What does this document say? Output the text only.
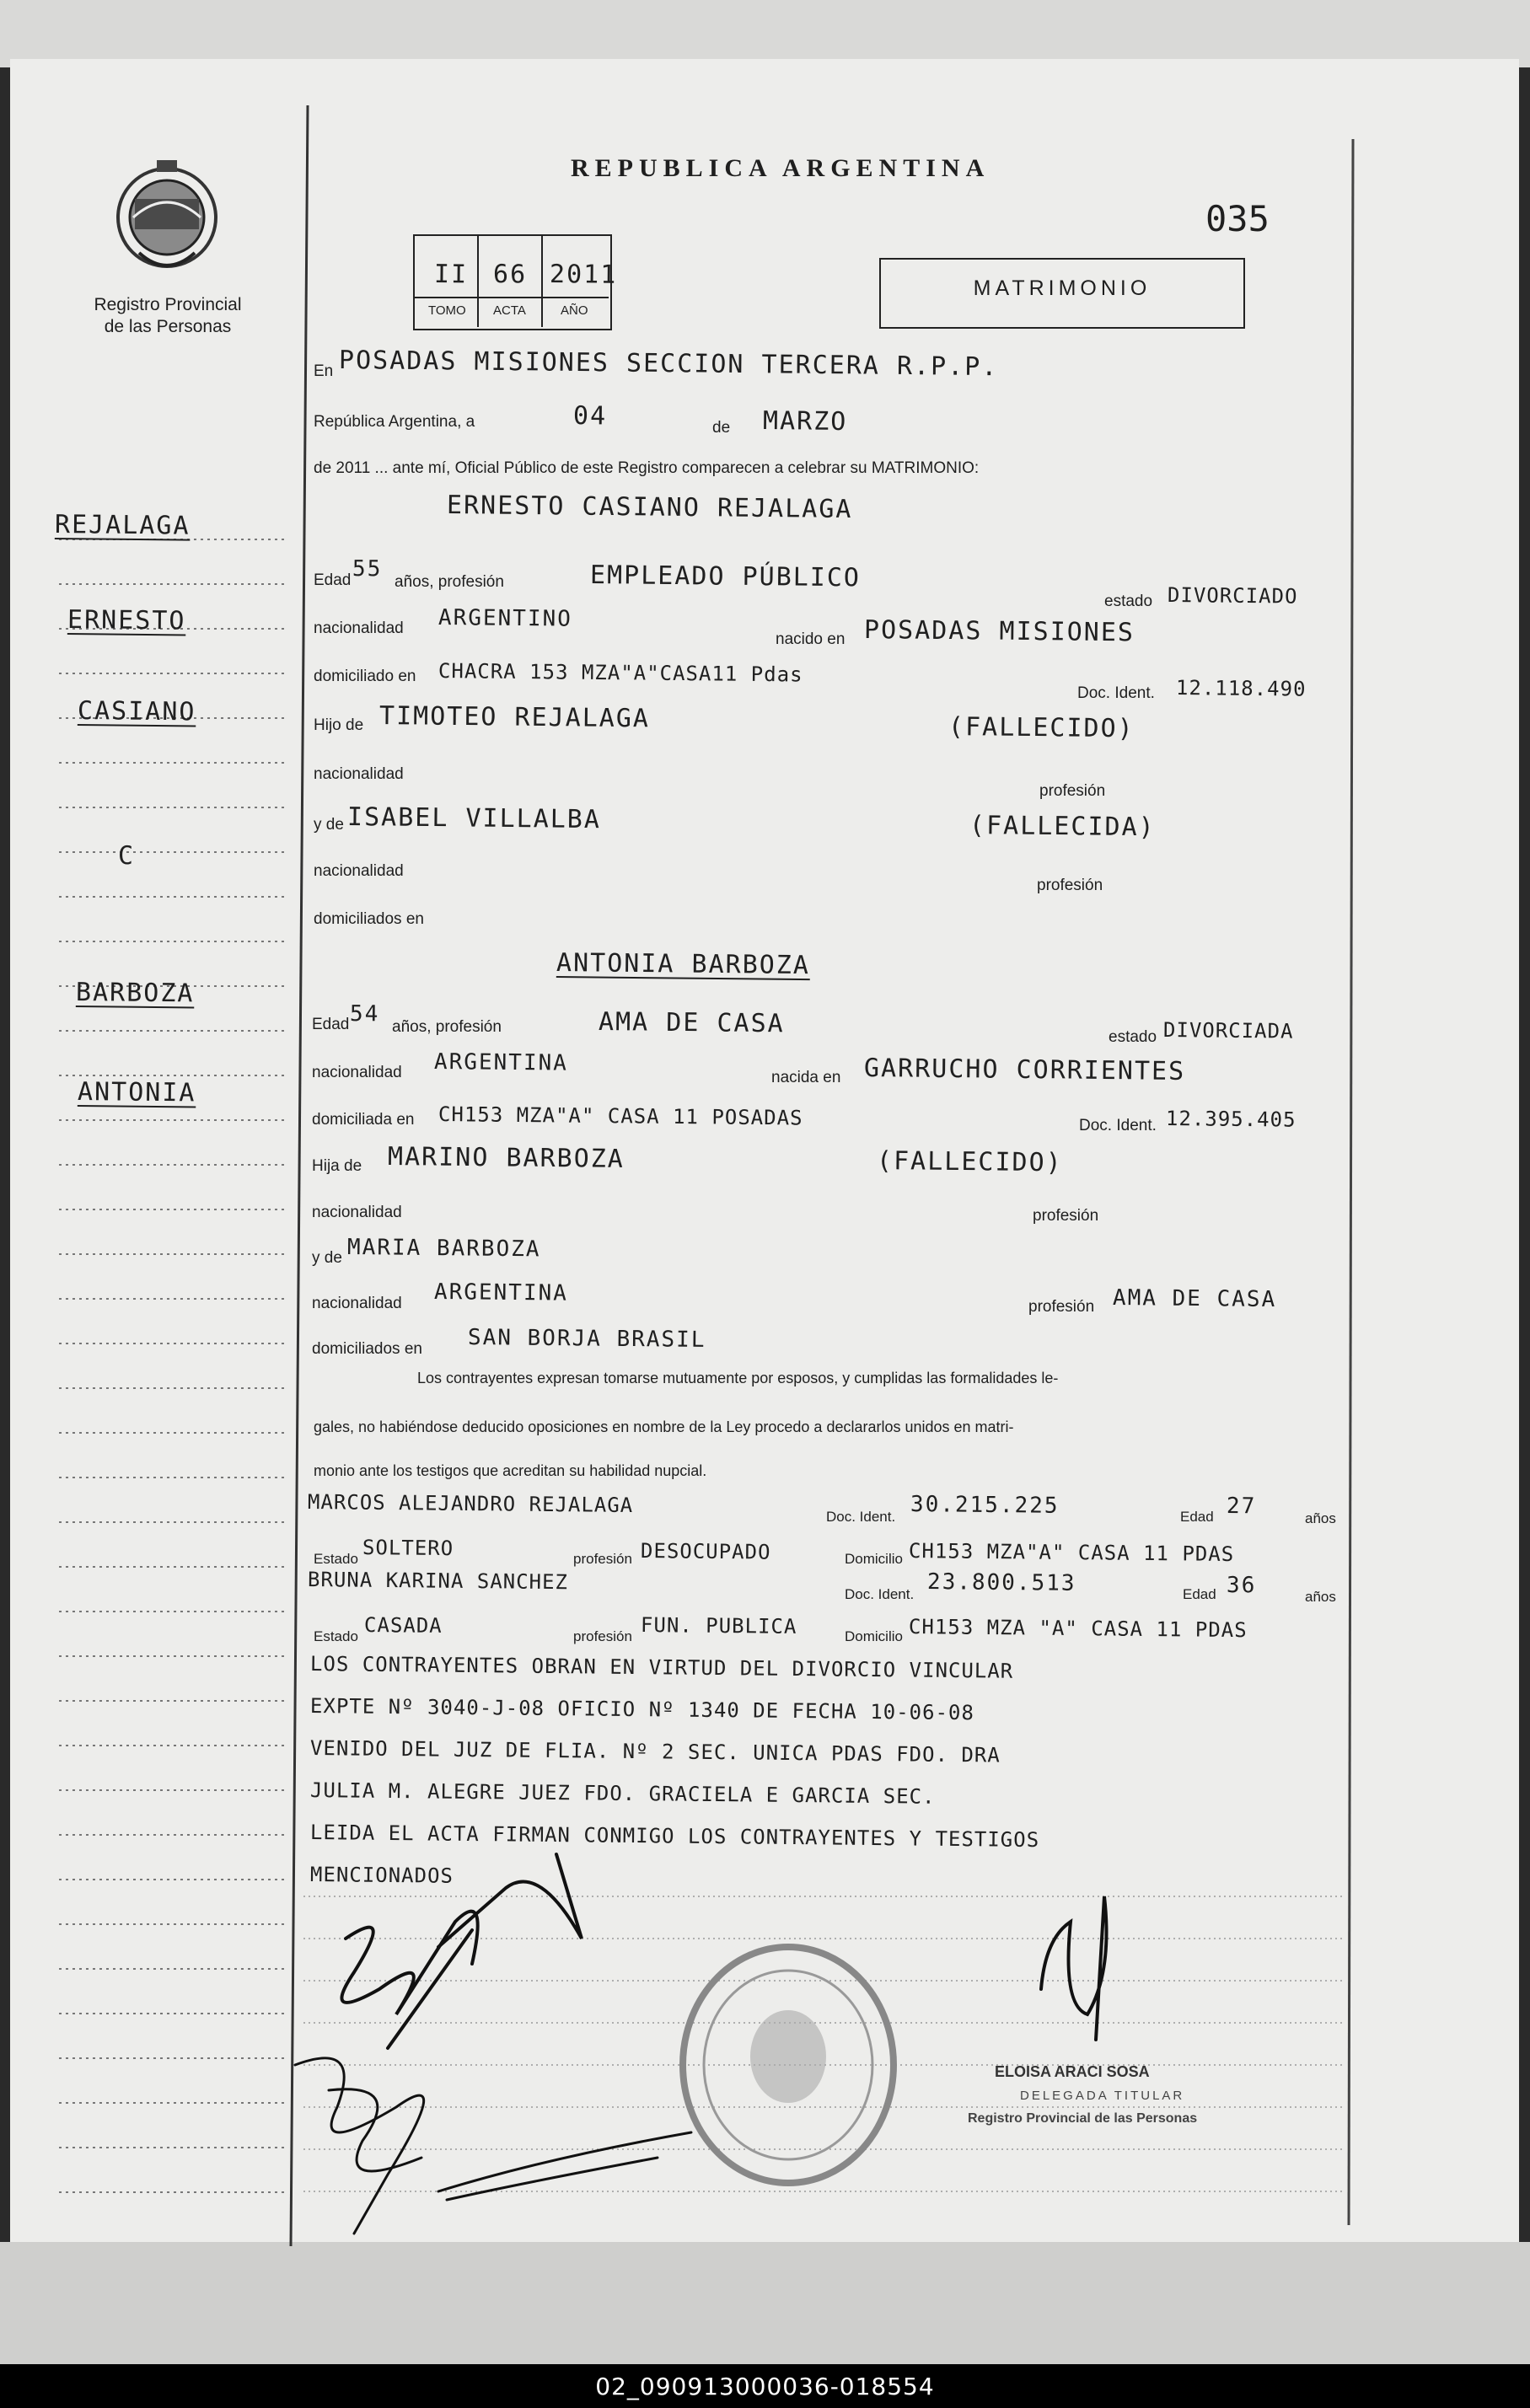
REPUBLICA ARGENTINA
Registro Provincial
de las Personas
035
II 66 2011
TOMO ACTA	AÑO
MATRIMONIO
REJALAGA
ERNESTO
CASIANO
C
BARBOZA
ANTONIA
En POSADAS MISIONES SECCION TERCERA R.P.P.
República Argentina, a	04	de MARZO
de 2011 ... ante mí, Oficial Público de este Registro comparecen a celebrar su MATRIMONIO:
ERNESTO CASIANO REJALAGA
Edad 55
años, profesión	EMPLEADO PÚBLICO
estado DIVORCIADO
nacionalidad ARGENTINO
nacido en POSADAS MISIONES
domiciliado en CHACRA 153 MZA"A"CASA11 Pdas
Doc. Ident. 12.118.490
Hijo de TIMOTEO REJALAGA	(FALLECIDO)
nacionalidad
profesión
y de ISABEL VILLALBA	(FALLECIDA)
nacionalidad
profesión
domiciliados en
ANTONIA BARBOZA
Edad 54
años, profesión	AMA DE CASA	estado DIVORCIADA
nacionalidad ARGENTINA
nacida en GARRUCHO CORRIENTES
domiciliada en CH153 MZA"A" CASA 11 POSADAS	Doc. Ident. 12.395.405
Hija de MARINO BARBOZA	(FALLECIDO)
nacionalidad	profesión
y de MARIA BARBOZA
nacionalidad ARGENTINA
profesión AMA DE CASA
domiciliados en SAN BORJA BRASIL
Los contrayentes expresan tomarse mutuamente por esposos, y cumplidas las formalidades le-
gales, no habiéndose deducido oposiciones en nombre de la Ley procedo a declararlos unidos en matri-
monio ante los testigos que acreditan su habilidad nupcial.
MARCOS ALEJANDRO REJALAGA	Doc. Ident. 30.215.225	Edad 27	años
Estado SOLTERO	profesión DESOCUPADO	Domicilio CH153 MZA"A" CASA 11 PDAS
BRUNA KARINA SANCHEZ
Doc. Ident. 23.800.513	Edad 36	años
Estado CASADA	profesión FUN. PUBLICA	Domicilio CH153 MZA "A" CASA 11 PDAS
LOS CONTRAYENTES OBRAN EN VIRTUD DEL DIVORCIO VINCULAR
EXPTE Nº 3040-J-08 OFICIO Nº 1340 DE FECHA 10-06-08
VENIDO DEL JUZ DE FLIA. Nº 2 SEC. UNICA PDAS FDO. DRA
JULIA M. ALEGRE JUEZ FDO. GRACIELA E GARCIA SEC.
LEIDA EL ACTA FIRMAN CONMIGO LOS CONTRAYENTES Y TESTIGOS
MENCIONADOS
ELOISA ARACI SOSA
DELEGADA TITULAR
Registro Provincial de las Personas
02_090913000036-018554
